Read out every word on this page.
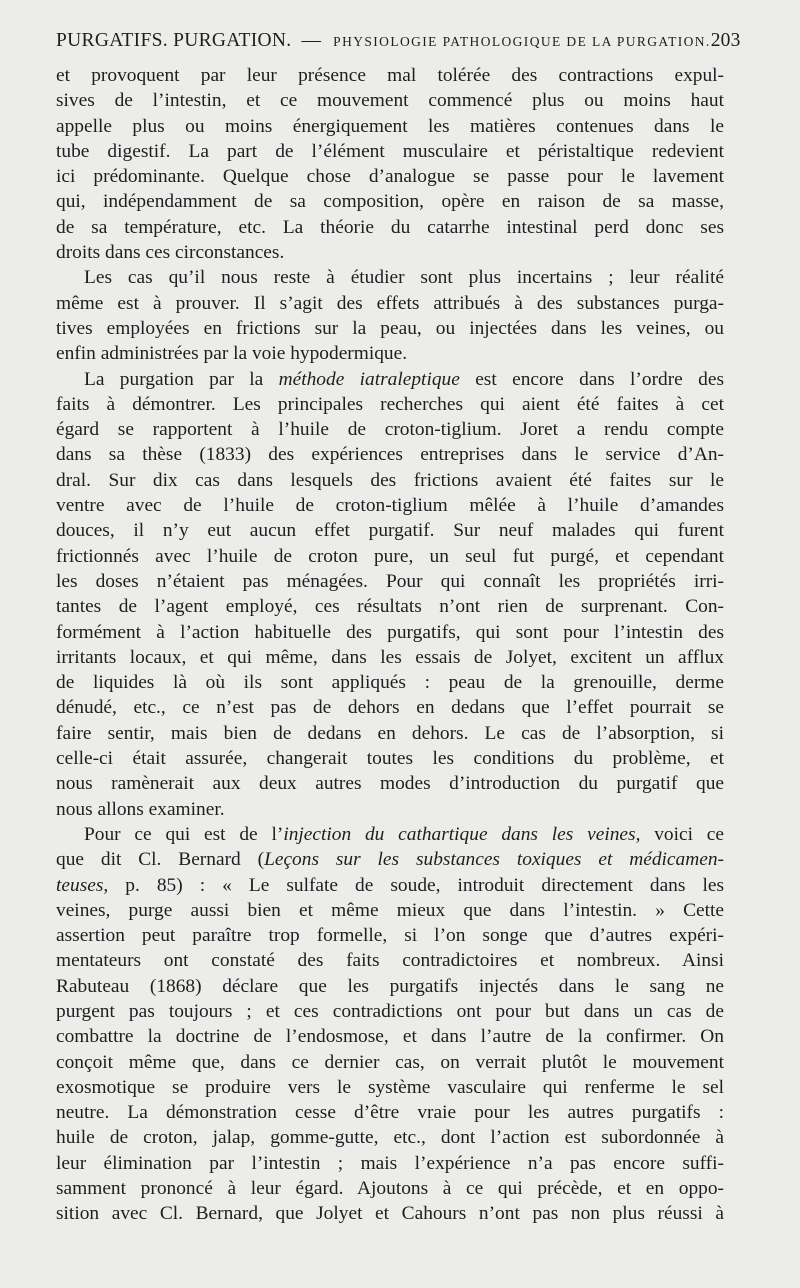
PURGATIFS. PURGATION. — PHYSIOLOGIE PATHOLOGIQUE DE LA PURGATION. 203
et provoquent par leur présence mal tolérée des contractions expul-
sives de l’intestin, et ce mouvement commencé plus ou moins haut
appelle plus ou moins énergiquement les matières contenues dans le
tube digestif. La part de l’élément musculaire et péristaltique redevient
ici prédominante. Quelque chose d’analogue se passe pour le lavement
qui, indépendamment de sa composition, opère en raison de sa masse,
de sa température, etc. La théorie du catarrhe intestinal perd donc ses
droits dans ces circonstances.
Les cas qu’il nous reste à étudier sont plus incertains ; leur réalité
même est à prouver. Il s’agit des effets attribués à des substances purga-
tives employées en frictions sur la peau, ou injectées dans les veines, ou
enfin administrées par la voie hypodermique.
La purgation par la méthode iatraleptique est encore dans l’ordre des
faits à démontrer. Les principales recherches qui aient été faites à cet
égard se rapportent à l’huile de croton-tiglium. Joret a rendu compte
dans sa thèse (1833) des expériences entreprises dans le service d’An-
dral. Sur dix cas dans lesquels des frictions avaient été faites sur le
ventre avec de l’huile de croton-tiglium mêlée à l’huile d’amandes
douces, il n’y eut aucun effet purgatif. Sur neuf malades qui furent
frictionnés avec l’huile de croton pure, un seul fut purgé, et cependant
les doses n’étaient pas ménagées. Pour qui connaît les propriétés irri-
tantes de l’agent employé, ces résultats n’ont rien de surprenant. Con-
formément à l’action habituelle des purgatifs, qui sont pour l’intestin des
irritants locaux, et qui même, dans les essais de Jolyet, excitent un afflux
de liquides là où ils sont appliqués : peau de la grenouille, derme
dénudé, etc., ce n’est pas de dehors en dedans que l’effet pourrait se
faire sentir, mais bien de dedans en dehors. Le cas de l’absorption, si
celle-ci était assurée, changerait toutes les conditions du problème, et
nous ramènerait aux deux autres modes d’introduction du purgatif que
nous allons examiner.
Pour ce qui est de l’injection du cathartique dans les veines, voici ce
que dit Cl. Bernard (Leçons sur les substances toxiques et médicamen-
teuses, p. 85) : « Le sulfate de soude, introduit directement dans les
veines, purge aussi bien et même mieux que dans l’intestin. » Cette
assertion peut paraître trop formelle, si l’on songe que d’autres expéri-
mentateurs ont constaté des faits contradictoires et nombreux. Ainsi
Rabuteau (1868) déclare que les purgatifs injectés dans le sang ne
purgent pas toujours ; et ces contradictions ont pour but dans un cas de
combattre la doctrine de l’endosmose, et dans l’autre de la confirmer. On
conçoit même que, dans ce dernier cas, on verrait plutôt le mouvement
exosmotique se produire vers le système vasculaire qui renferme le sel
neutre. La démonstration cesse d’être vraie pour les autres purgatifs :
huile de croton, jalap, gomme-gutte, etc., dont l’action est subordonnée à
leur élimination par l’intestin ; mais l’expérience n’a pas encore suffi-
samment prononcé à leur égard. Ajoutons à ce qui précède, et en oppo-
sition avec Cl. Bernard, que Jolyet et Cahours n’ont pas non plus réussi à
